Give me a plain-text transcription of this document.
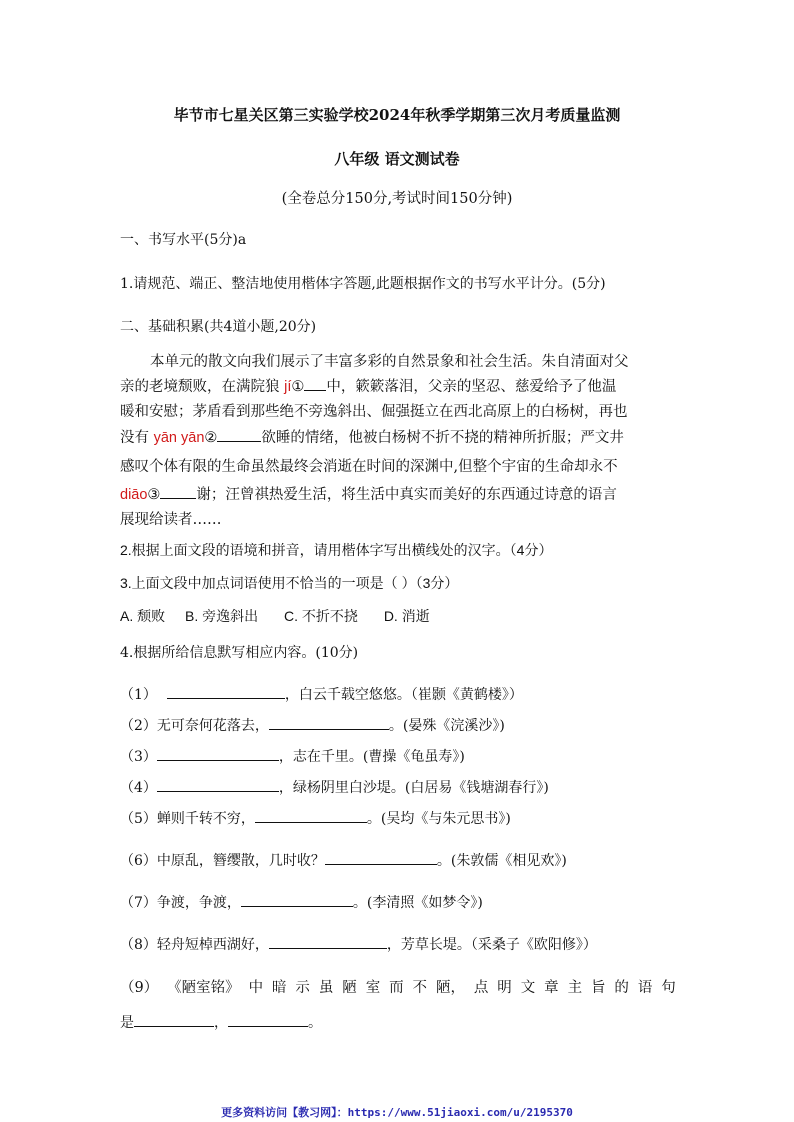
毕节市七星关区第三实验学校2024年秋季学期第三次月考质量监测
八年级 语文测试卷
(全卷总分150分,考试时间150分钟)
一、书写水平(5分)a
1.请规范、端正、整洁地使用楷体字答题,此题根据作文的书写水平计分。(5分)
二、基础积累(共4道小题,20分)
本单元的散文向我们展示了丰富多彩的自然景象和社会生活。朱自清面对父
亲的老境颓败，在满院狼 jí① 中，簌簌落泪，父亲的坚忍、慈爱给予了他温
暖和安慰；茅盾看到那些绝不旁逸斜出、倔强挺立在西北高原上的白杨树，再也
没有 yān yān②	欲睡的情绪，他被白杨树不折不挠的精神所折服；严文井
感叹个体有限的生命虽然最终会消逝在时间的深渊中,但整个宇宙的生命却永不
diāo③ 谢；汪曾祺热爱生活，将生活中真实而美好的东西通过诗意的语言
展现给读者……
2.根据上面文段的语境和拼音，请用楷体字写出横线处的汉字。（4分）
3.上面文段中加点词语使用不恰当的一项是（ ）（3分）
A. 颓败 B. 旁逸斜出 C. 不折不挠 D. 消逝
4.根据所给信息默写相应内容。(10分)
（1）	，白云千载空悠悠。（崔颢《黄鹤楼》）
（2）无可奈何花落去，	。(晏殊《浣溪沙》)
（3）	，志在千里。(曹操《龟虽寿》)
（4）	，绿杨阴里白沙堤。(白居易《钱塘湖春行》)
（5）蝉则千转不穷，	。(吴均《与朱元思书》)
（6）中原乱，簪缨散，几时收？	。(朱敦儒《相见欢》)
（7）争渡，争渡，	。(李清照《如梦令》)
（8）轻舟短棹西湖好，	，芳草长堤。（采桑子《欧阳修》）
（9） 《陋室铭》 中 暗 示 虽 陋 室 而 不 陋， 点 明 文 章 主 旨 的 语 句
是	，	。
更多资料访问【教习网】：https://www.51jiaoxi.com/u/2195370
